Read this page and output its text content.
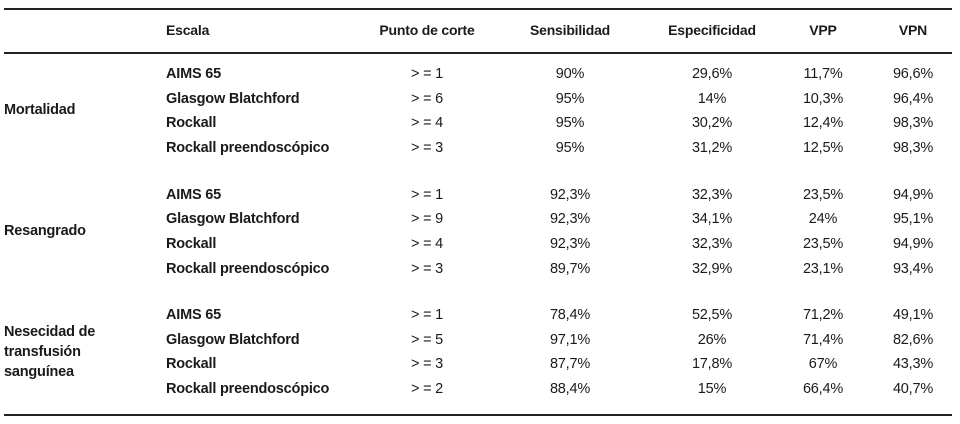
Escala	Punto de corte	Sensibilidad	Especificidad	VPP	VPN
Mortalidad
AIMS 65	> = 1	90%	29,6%	11,7%	96,6%
Glasgow Blatchford	> = 6	95%	14%	10,3%	96,4%
Rockall	> = 4	95%	30,2%	12,4%	98,3%
Rockall preendoscópico	> = 3	95%	31,2%	12,5%	98,3%
Resangrado
AIMS 65	> = 1	92,3%	32,3%	23,5%	94,9%
Glasgow Blatchford	> = 9	92,3%	34,1%	24%	95,1%
Rockall	> = 4	92,3%	32,3%	23,5%	94,9%
Rockall preendoscópico	> = 3	89,7%	32,9%	23,1%	93,4%
Nesecidad de transfusión sanguínea
AIMS 65	> = 1	78,4%	52,5%	71,2%	49,1%
Glasgow Blatchford	> = 5	97,1%	26%	71,4%	82,6%
Rockall	> = 3	87,7%	17,8%	67%	43,3%
Rockall preendoscópico	> = 2	88,4%	15%	66,4%	40,7%
